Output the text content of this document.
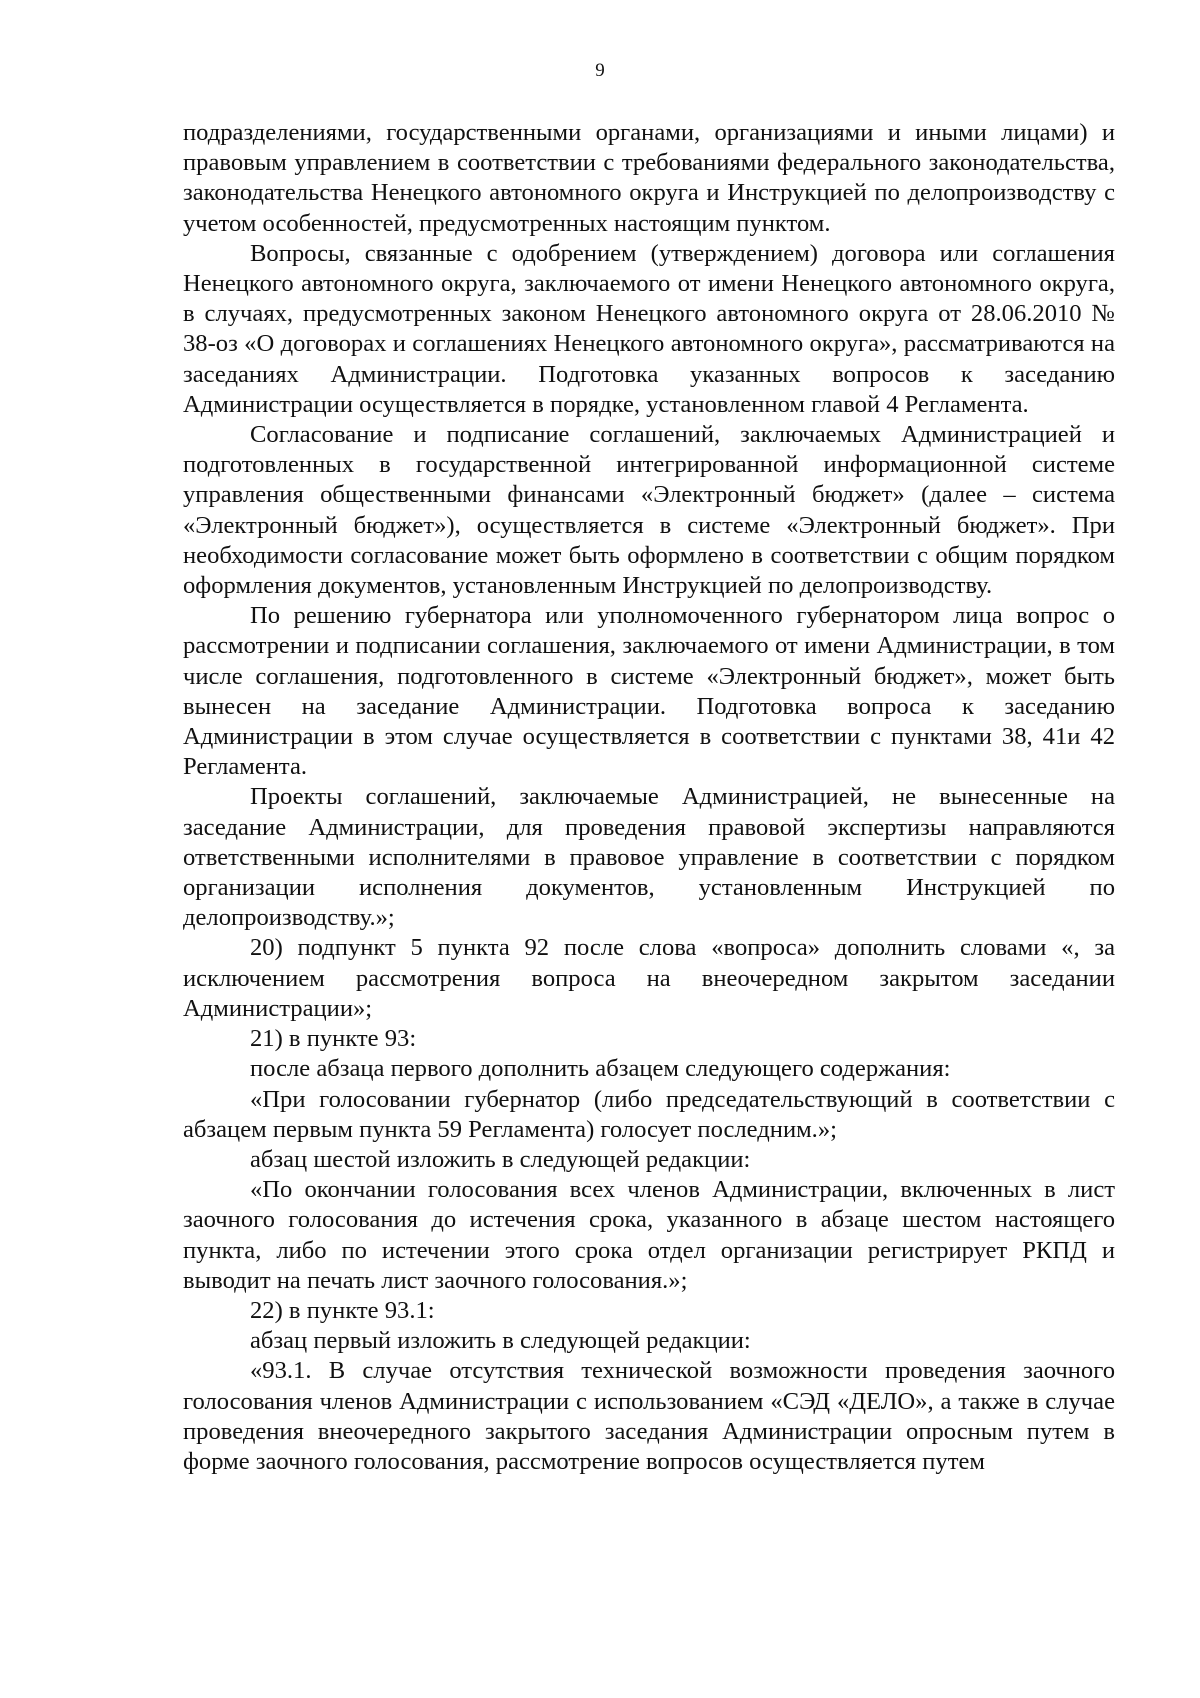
9

подразделениями, государственными органами, организациями и иными лицами) и правовым управлением в соответствии с требованиями федерального законодательства, законодательства Ненецкого автономного округа и Инструкцией по делопроизводству с учетом особенностей, предусмотренных настоящим пунктом.

Вопросы, связанные с одобрением (утверждением) договора или соглашения Ненецкого автономного округа, заключаемого от имени Ненецкого автономного округа, в случаях, предусмотренных законом Ненецкого автономного округа от 28.06.2010 № 38-оз «О договорах и соглашениях Ненецкого автономного округа», рассматриваются на заседаниях Администрации. Подготовка указанных вопросов к заседанию Администрации осуществляется в порядке, установленном главой 4 Регламента.

Согласование и подписание соглашений, заключаемых Администрацией и подготовленных в государственной интегрированной информационной системе управления общественными финансами «Электронный бюджет» (далее – система «Электронный бюджет»), осуществляется в системе «Электронный бюджет». При необходимости согласование может быть оформлено в соответствии с общим порядком оформления документов, установленным Инструкцией по делопроизводству.

По решению губернатора или уполномоченного губернатором лица вопрос о рассмотрении и подписании соглашения, заключаемого от имени Администрации, в том числе соглашения, подготовленного в системе «Электронный бюджет», может быть вынесен на заседание Администрации. Подготовка вопроса к заседанию Администрации в этом случае осуществляется в соответствии с пунктами 38, 41и 42 Регламента.

Проекты соглашений, заключаемые Администрацией, не вынесенные на заседание Администрации, для проведения правовой экспертизы направляются ответственными исполнителями в правовое управление в соответствии с порядком организации исполнения документов, установленным Инструкцией по делопроизводству.»;

20) подпункт 5 пункта 92 после слова «вопроса» дополнить словами «, за исключением рассмотрения вопроса на внеочередном закрытом заседании Администрации»;

21) в пункте 93:

после абзаца первого дополнить абзацем следующего содержания:

«При голосовании губернатор (либо председательствующий в соответствии с абзацем первым пункта 59 Регламента) голосует последним.»;

абзац шестой изложить в следующей редакции:

«По окончании голосования всех членов Администрации, включенных в лист заочного голосования до истечения срока, указанного в абзаце шестом настоящего пункта, либо по истечении этого срока отдел организации регистрирует РКПД и выводит на печать лист заочного голосования.»;

22) в пункте 93.1:

абзац первый изложить в следующей редакции:

«93.1. В случае отсутствия технической возможности проведения заочного голосования членов Администрации с использованием «СЭД «ДЕЛО», а также в случае проведения внеочередного закрытого заседания Администрации опросным путем в форме заочного голосования, рассмотрение вопросов осуществляется путем
